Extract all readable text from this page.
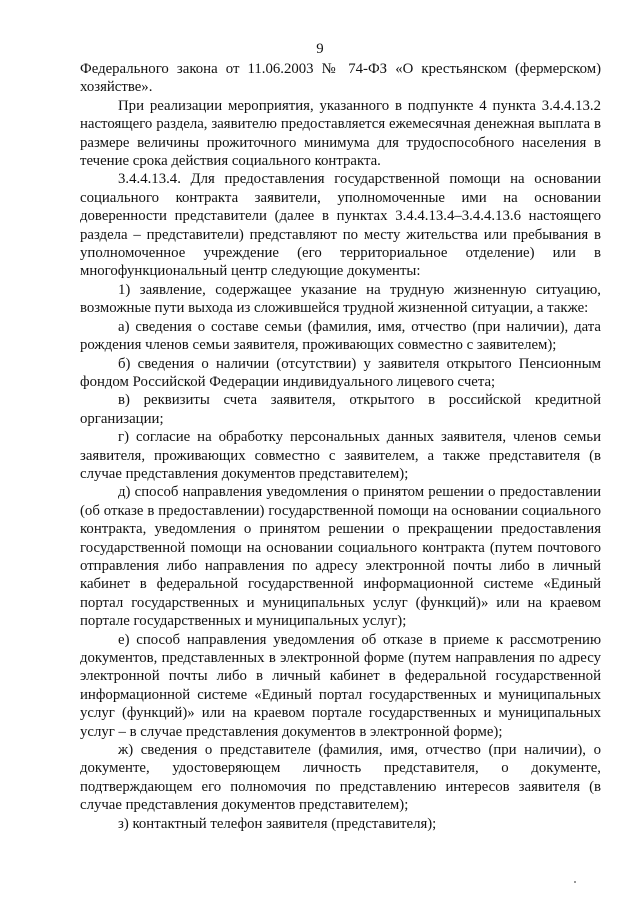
9

Федерального закона от 11.06.2003 № 74-ФЗ «О крестьянском (фермерском) хозяйстве».

При реализации мероприятия, указанного в подпункте 4 пункта 3.4.4.13.2 настоящего раздела, заявителю предоставляется ежемесячная денежная выплата в размере величины прожиточного минимума для трудоспособного населения в течение срока действия социального контракта.

3.4.4.13.4. Для предоставления государственной помощи на основании социального контракта заявители, уполномоченные ими на основании доверенности представители (далее в пунктах 3.4.4.13.4–3.4.4.13.6 настоящего раздела – представители) представляют по месту жительства или пребывания в уполномоченное учреждение (его территориальное отделение) или в многофункциональный центр следующие документы:

1) заявление, содержащее указание на трудную жизненную ситуацию, возможные пути выхода из сложившейся трудной жизненной ситуации, а также:

а) сведения о составе семьи (фамилия, имя, отчество (при наличии), дата рождения членов семьи заявителя, проживающих совместно с заявителем);

б) сведения о наличии (отсутствии) у заявителя открытого Пенсионным фондом Российской Федерации индивидуального лицевого счета;

в) реквизиты счета заявителя, открытого в российской кредитной организации;

г) согласие на обработку персональных данных заявителя, членов семьи заявителя, проживающих совместно с заявителем, а также представителя (в случае представления документов представителем);

д) способ направления уведомления о принятом решении о предоставлении (об отказе в предоставлении) государственной помощи на основании социального контракта, уведомления о принятом решении о прекращении предоставления государственной помощи на основании социального контракта (путем почтового отправления либо направления по адресу электронной почты либо в личный кабинет в федеральной государственной информационной системе «Единый портал государственных и муниципальных услуг (функций)» или на краевом портале государственных и муниципальных услуг);

е) способ направления уведомления об отказе в приеме к рассмотрению документов, представленных в электронной форме (путем направления по адресу электронной почты либо в личный кабинет в федеральной государственной информационной системе «Единый портал государственных и муниципальных услуг (функций)» или на краевом портале государственных и муниципальных услуг – в случае представления документов в электронной форме);

ж) сведения о представителе (фамилия, имя, отчество (при наличии), о документе, удостоверяющем личность представителя, о документе, подтверждающем его полномочия по представлению интересов заявителя (в случае представления документов представителем);

з) контактный телефон заявителя (представителя);
